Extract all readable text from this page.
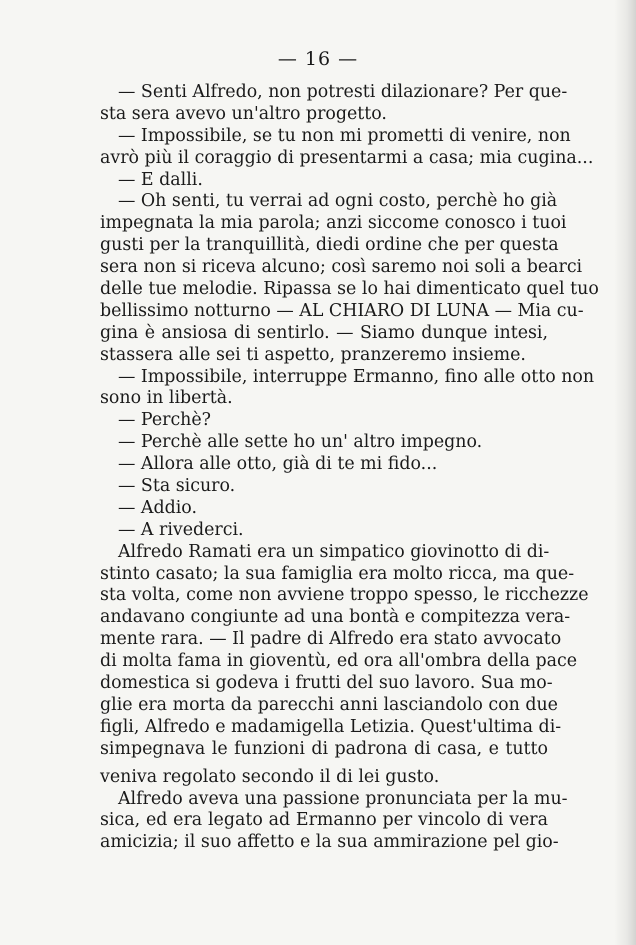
— 16 —
— Senti Alfredo, non potresti dilazionare? Per que-
sta sera avevo un'altro progetto.
— Impossibile, se tu non mi prometti di venire, non
avrò più il coraggio di presentarmi a casa; mia cugina...
— E dalli.
— Oh senti, tu verrai ad ogni costo, perchè ho già
impegnata la mia parola; anzi siccome conosco i tuoi
gusti per la tranquillità, diedi ordine che per questa
sera non si riceva alcuno; così saremo noi soli a bearci
delle tue melodie. Ripassa se lo hai dimenticato quel tuo
bellissimo notturno — AL CHIARO DI LUNA — Mia cu-
gina è ansiosa di sentirlo. — Siamo dunque intesi,
stassera alle sei ti aspetto, pranzeremo insieme.
— Impossibile, interruppe Ermanno, fino alle otto non
sono in libertà.
— Perchè?
— Perchè alle sette ho un' altro impegno.
— Allora alle otto, già di te mi fido...
— Sta sicuro.
— Addio.
— A rivederci.
Alfredo Ramati era un simpatico giovinotto di di-
stinto casato; la sua famiglia era molto ricca, ma que-
sta volta, come non avviene troppo spesso, le ricchezze
andavano congiunte ad una bontà e compitezza vera-
mente rara. — Il padre di Alfredo era stato avvocato
di molta fama in gioventù, ed ora all'ombra della pace
domestica si godeva i frutti del suo lavoro. Sua mo-
glie era morta da parecchi anni lasciandolo con due
figli, Alfredo e madamigella Letizia. Quest'ultima di-
simpegnava le funzioni di padrona di casa, e tutto
veniva regolato secondo il di lei gusto.
Alfredo aveva una passione pronunciata per la mu-
sica, ed era legato ad Ermanno per vincolo di vera
amicizia; il suo affetto e la sua ammirazione pel gio-
